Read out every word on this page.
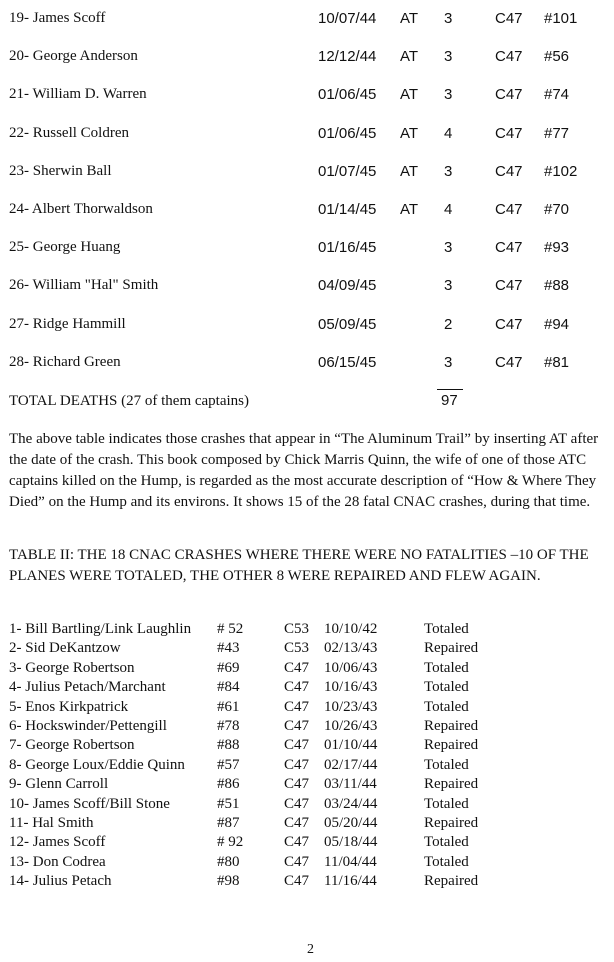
19- James Scoff	10/07/44 AT 3	C47 #101
20- George Anderson	12/12/44 AT 3	C47 #56
21- William D. Warren	01/06/45 AT 3	C47 #74
22- Russell Coldren	01/06/45 AT 4	C47 #77
23- Sherwin Ball	01/07/45 AT 3	C47 #102
24- Albert Thorwaldson	01/14/45 AT 4	C47 #70
25- George Huang	01/16/45	3	C47 #93
26- William "Hal" Smith	04/09/45	3	C47 #88
27- Ridge Hammill	05/09/45	2	C47 #94
28- Richard Green	06/15/45	3	C47 #81
TOTAL DEATHS (27 of them captains)	97
The above table indicates those crashes that appear in “The Aluminum Trail” by inserting AT after the date of the crash. This book composed by Chick Marris Quinn, the wife of one of those ATC captains killed on the Hump, is regarded as the most accurate description of “How & Where They Died” on the Hump and its environs. It shows 15 of the 28 fatal CNAC crashes, during that time.
TABLE II: THE 18 CNAC CRASHES WHERE THERE WERE NO FATALITIES –10 OF THE PLANES WERE TOTALED, THE OTHER 8 WERE REPAIRED AND FLEW AGAIN.
1- Bill Bartling/Link Laughlin # 52	C53 10/10/42	Totaled
2- Sid DeKantzow	#43	C53 02/13/43	Repaired
3- George Robertson	#69	C47 10/06/43	Totaled
4- Julius Petach/Marchant	#84	C47 10/16/43	Totaled
5- Enos Kirkpatrick	#61	C47 10/23/43	Totaled
6- Hockswinder/Pettengill	#78	C47 10/26/43	Repaired
7- George Robertson	#88	C47 01/10/44	Repaired
8- George Loux/Eddie Quinn #57	C47 02/17/44	Totaled
9- Glenn Carroll	#86	C47 03/11/44	Repaired
10- James Scoff/Bill Stone	#51	C47 03/24/44	Totaled
11- Hal Smith	#87	C47 05/20/44	Repaired
12- James Scoff	# 92	C47 05/18/44	Totaled
13- Don Codrea	#80	C47 11/04/44	Totaled
14- Julius Petach	#98	C47 11/16/44	Repaired
2
